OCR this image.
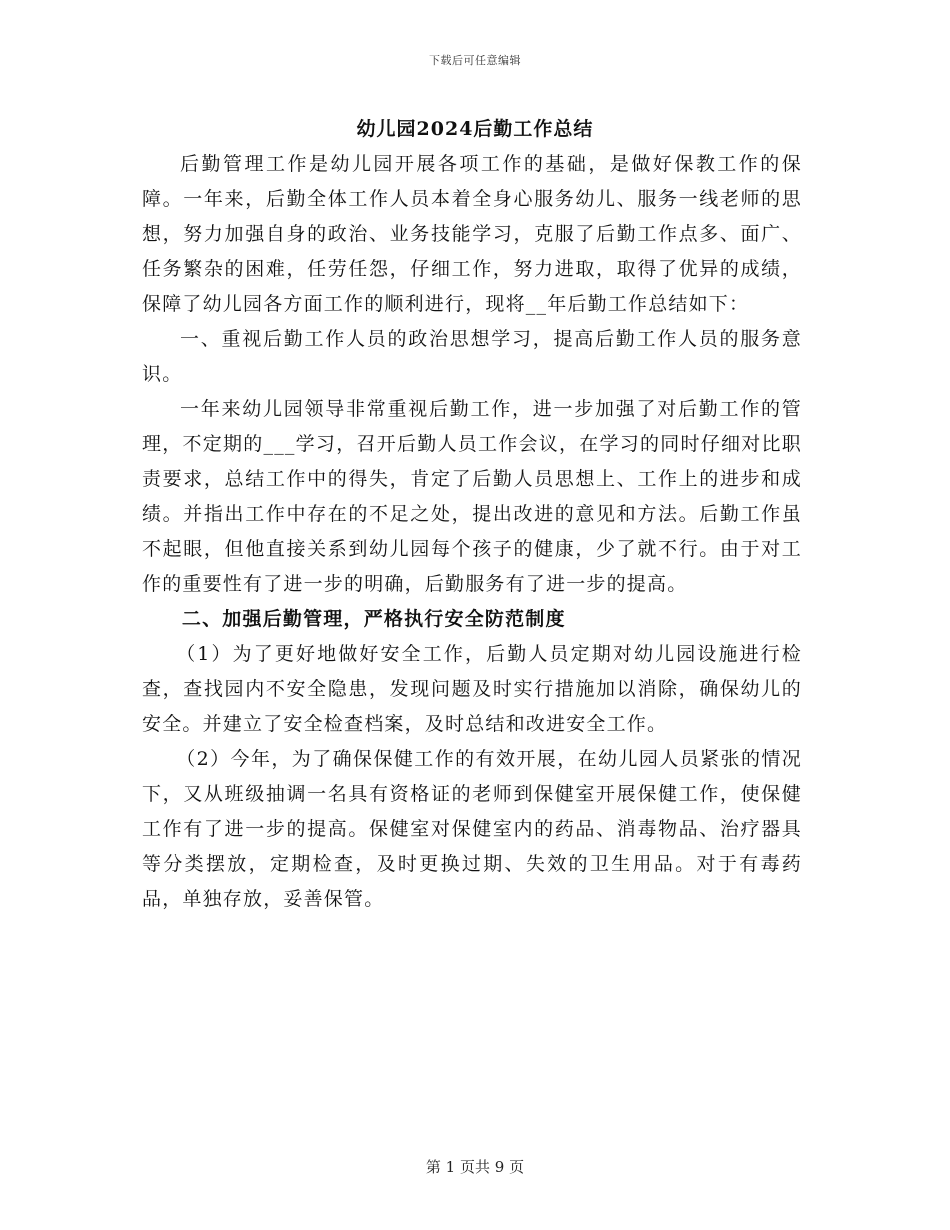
下载后可任意编辑
幼儿园2024后勤工作总结

后勤管理工作是幼儿园开展各项工作的基础，是做好保教工作的保障。一年来，后勤全体工作人员本着全身心服务幼儿、服务一线老师的思想，努力加强自身的政治、业务技能学习，克服了后勤工作点多、面广、任务繁杂的困难，任劳任怨，仔细工作，努力进取，取得了优异的成绩，保障了幼儿园各方面工作的顺利进行，现将__年后勤工作总结如下：

一、重视后勤工作人员的政治思想学习，提高后勤工作人员的服务意识。

一年来幼儿园领导非常重视后勤工作，进一步加强了对后勤工作的管理，不定期的___学习，召开后勤人员工作会议，在学习的同时仔细对比职责要求，总结工作中的得失，肯定了后勤人员思想上、工作上的进步和成绩。并指出工作中存在的不足之处，提出改进的意见和方法。后勤工作虽不起眼，但他直接关系到幼儿园每个孩子的健康，少了就不行。由于对工作的重要性有了进一步的明确，后勤服务有了进一步的提高。

二、加强后勤管理，严格执行安全防范制度

（1）为了更好地做好安全工作，后勤人员定期对幼儿园设施进行检查，查找园内不安全隐患，发现问题及时实行措施加以消除，确保幼儿的安全。并建立了安全检查档案，及时总结和改进安全工作。

（2）今年，为了确保保健工作的有效开展，在幼儿园人员紧张的情况下，又从班级抽调一名具有资格证的老师到保健室开展保健工作，使保健工作有了进一步的提高。保健室对保健室内的药品、消毒物品、治疗器具等分类摆放，定期检查，及时更换过期、失效的卫生用品。对于有毒药品，单独存放，妥善保管。

第 1 页共 9 页
